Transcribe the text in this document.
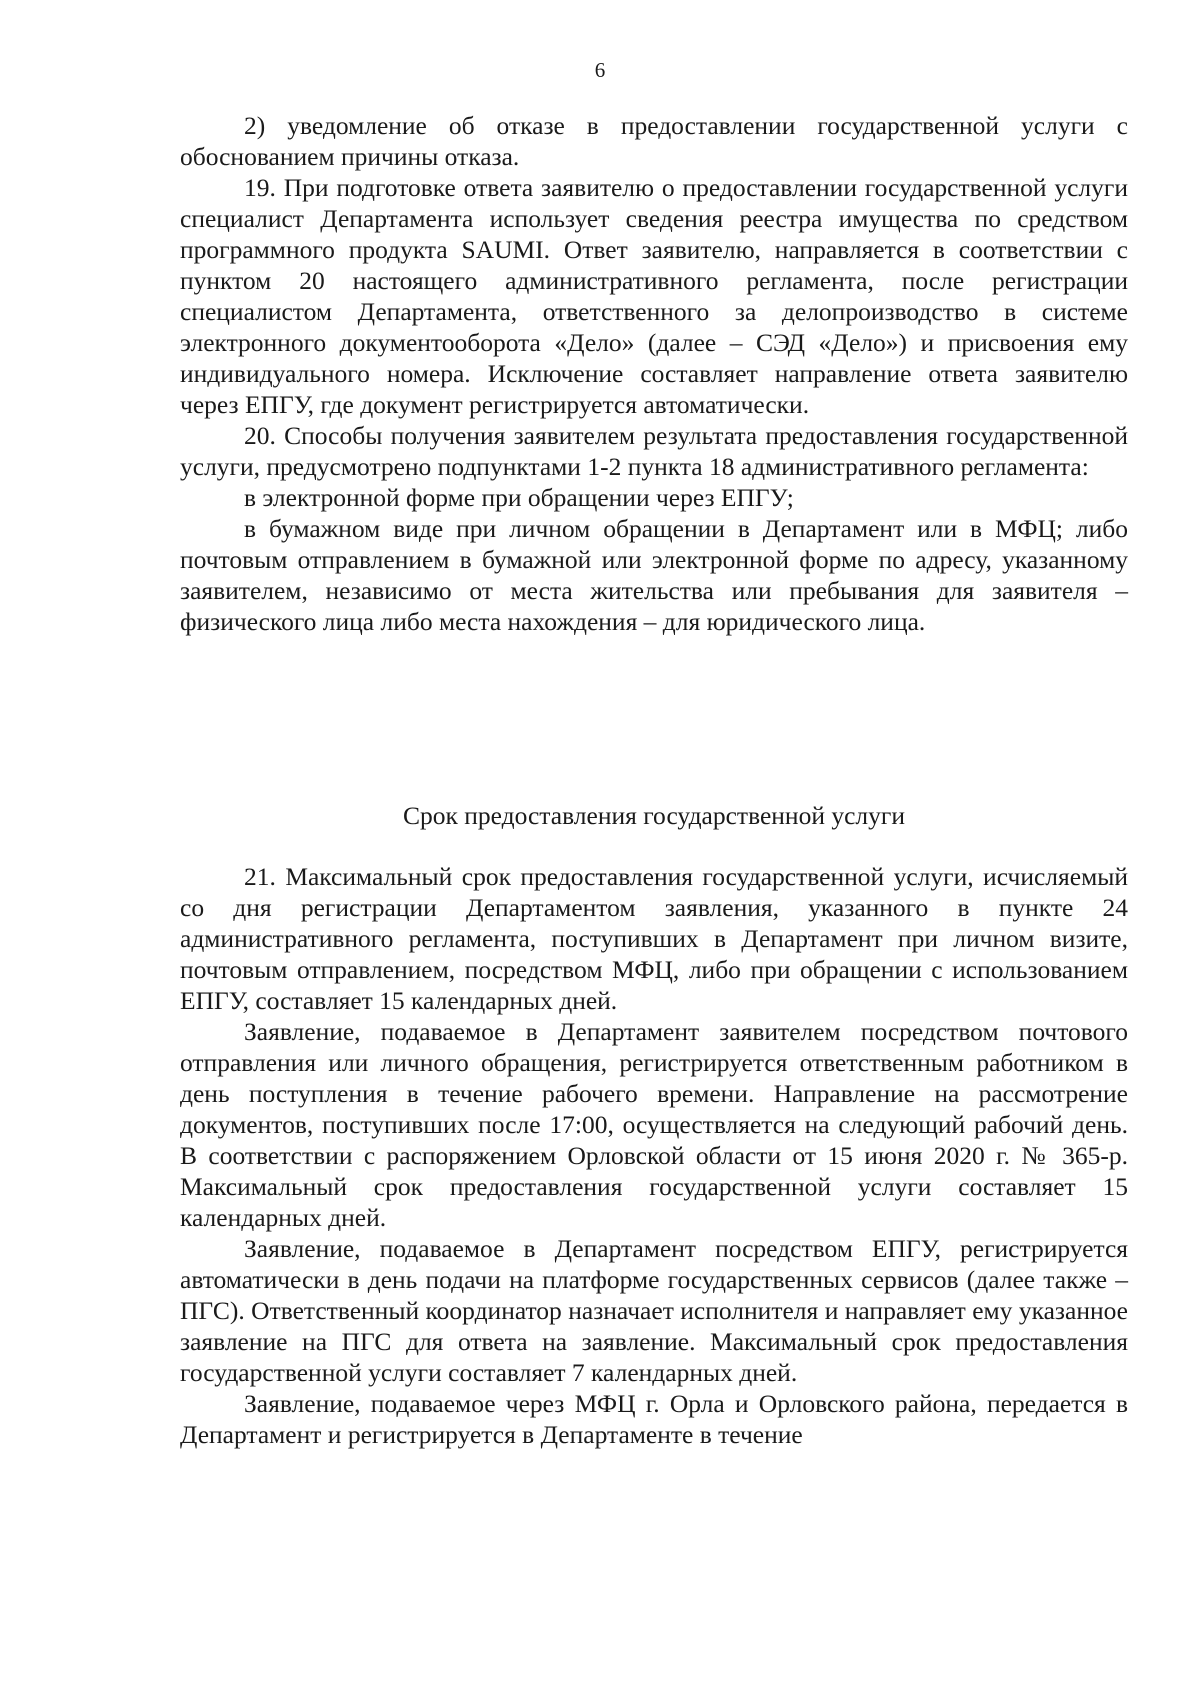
6

2) уведомление об отказе в предоставлении государственной услуги с обоснованием причины отказа.

19. При подготовке ответа заявителю о предоставлении государственной услуги специалист Департамента использует сведения реестра имущества по средством программного продукта SAUMI. Ответ заявителю, направляется в соответствии с пунктом 20 настоящего административного регламента, после регистрации специалистом Департамента, ответственного за делопроизводство в системе электронного документооборота «Дело» (далее – СЭД «Дело») и присвоения ему индивидуального номера. Исключение составляет направление ответа заявителю через ЕПГУ, где документ регистрируется автоматически.

20. Способы получения заявителем результата предоставления государственной услуги, предусмотрено подпунктами 1-2 пункта 18 административного регламента:

в электронной форме при обращении через ЕПГУ;

в бумажном виде при личном обращении в Департамент или в МФЦ; либо почтовым отправлением в бумажной или электронной форме по адресу, указанному заявителем, независимо от места жительства или пребывания для заявителя – физического лица либо места нахождения – для юридического лица.

Срок предоставления государственной услуги

21. Максимальный срок предоставления государственной услуги, исчисляемый со дня регистрации Департаментом заявления, указанного в пункте 24 административного регламента, поступивших в Департамент при личном визите, почтовым отправлением, посредством МФЦ, либо при обращении с использованием ЕПГУ, составляет 15 календарных дней.

Заявление, подаваемое в Департамент заявителем посредством почтового отправления или личного обращения, регистрируется ответственным работником в день поступления в течение рабочего времени. Направление на рассмотрение документов, поступивших после 17:00, осуществляется на следующий рабочий день. В соответствии с распоряжением Орловской области от 15 июня 2020 г. № 365-р. Максимальный срок предоставления государственной услуги составляет 15 календарных дней.

Заявление, подаваемое в Департамент посредством ЕПГУ, регистрируется автоматически в день подачи на платформе государственных сервисов (далее также – ПГС). Ответственный координатор назначает исполнителя и направляет ему указанное заявление на ПГС для ответа на заявление. Максимальный срок предоставления государственной услуги составляет 7 календарных дней.

Заявление, подаваемое через МФЦ г. Орла и Орловского района, передается в Департамент и регистрируется в Департаменте в течение
